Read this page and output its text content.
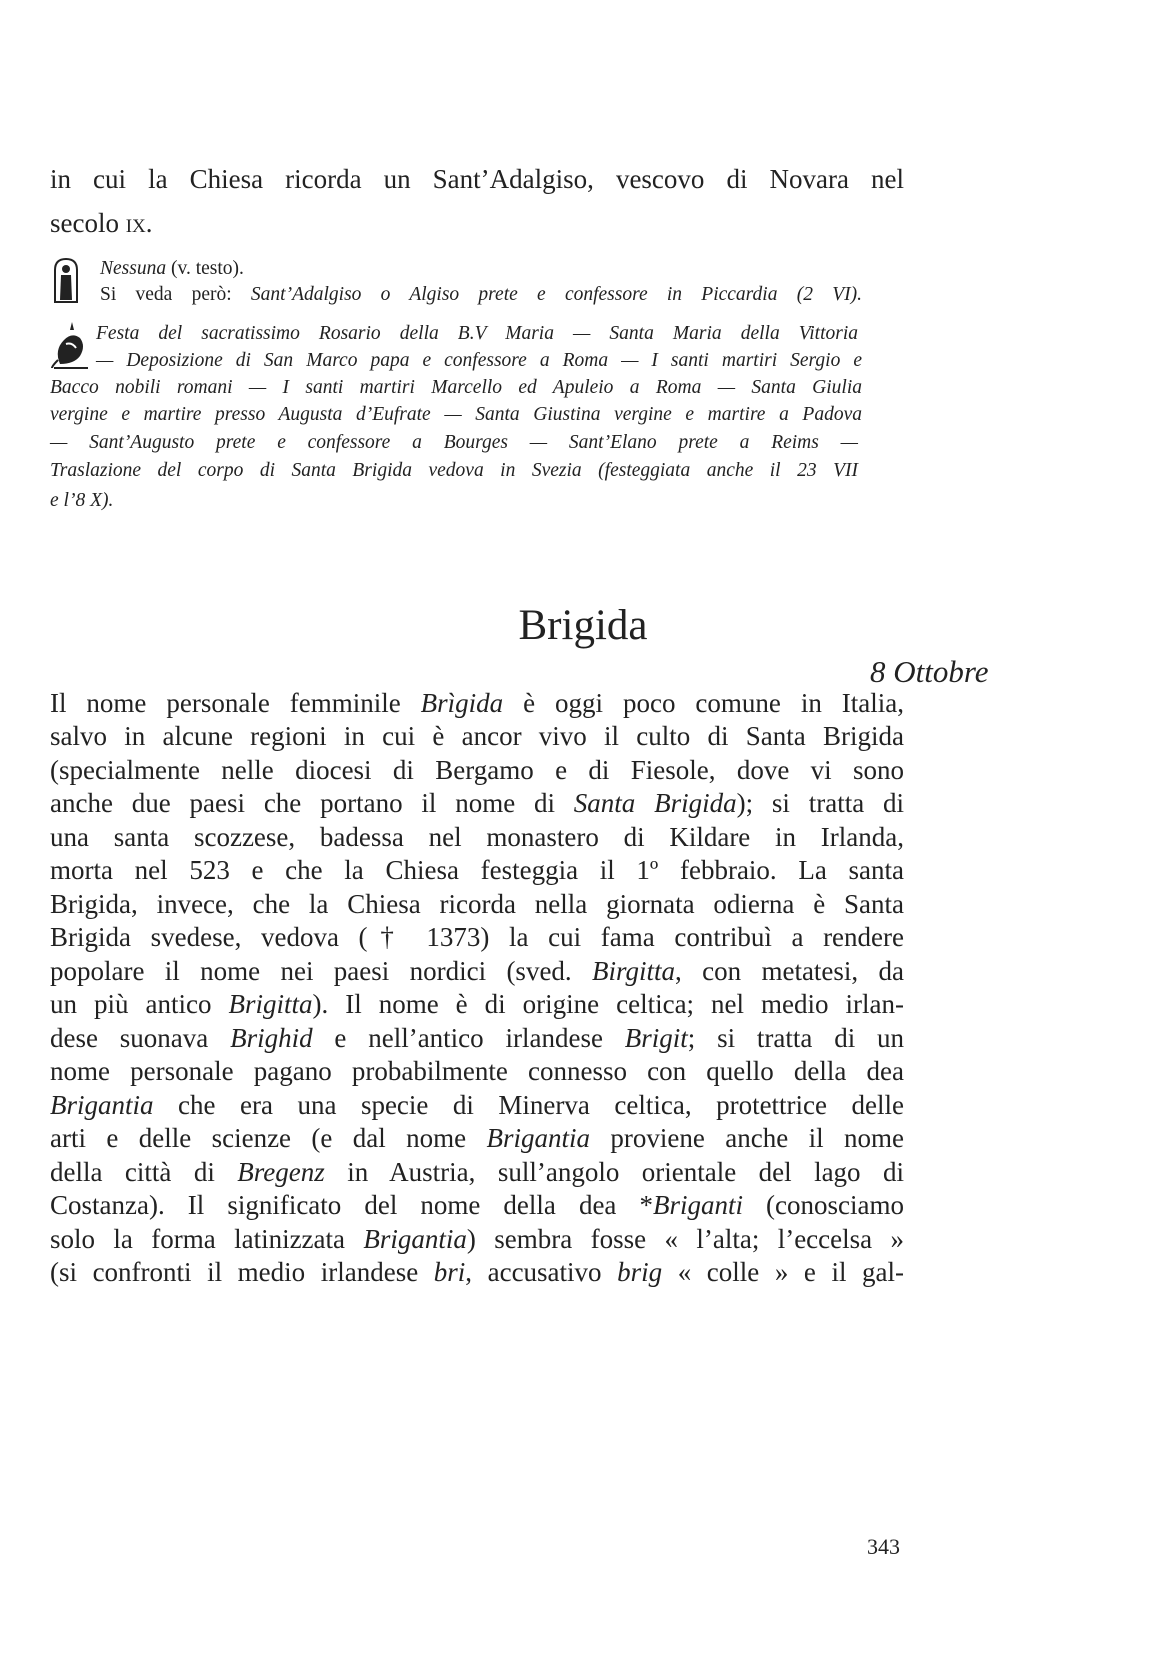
in cui la Chiesa ricorda un Sant’Adalgiso, vescovo di Novara nel
secolo ix.
Nessuna (v. testo).
Si veda però: Sant’Adalgiso o Algiso prete e confessore in Piccardia (2 VI).
Festa del sacratissimo Rosario della B.V Maria — Santa Maria della Vittoria
— Deposizione di San Marco papa e confessore a Roma — I santi martiri Sergio e
Bacco nobili romani — I santi martiri Marcello ed Apuleio a Roma — Santa Giulia
vergine e martire presso Augusta d’Eufrate — Santa Giustina vergine e martire a Padova
— Sant’Augusto prete e confessore a Bourges — Sant’Elano prete a Reims —
Traslazione del corpo di Santa Brigida vedova in Svezia (festeggiata anche il 23 VII
e l’8 X).
Brigida
8 Ottobre
Il nome personale femminile Brìgida è oggi poco comune in Italia,
salvo in alcune regioni in cui è ancor vivo il culto di Santa Brigida
(specialmente nelle diocesi di Bergamo e di Fiesole, dove vi sono
anche due paesi che portano il nome di Santa Brigida); si tratta di
una santa scozzese, badessa nel monastero di Kildare in Irlanda,
morta nel 523 e che la Chiesa festeggia il 1º febbraio. La santa
Brigida, invece, che la Chiesa ricorda nella giornata odierna è Santa
Brigida svedese, vedova († 1373) la cui fama contribuì a rendere
popolare il nome nei paesi nordici (sved. Birgitta, con metatesi, da
un più antico Brigitta). Il nome è di origine celtica; nel medio irlan-
dese suonava Brighid e nell’antico irlandese Brigit; si tratta di un
nome personale pagano probabilmente connesso con quello della dea
Brigantia che era una specie di Minerva celtica, protettrice delle
arti e delle scienze (e dal nome Brigantia proviene anche il nome
della città di Bregenz in Austria, sull’angolo orientale del lago di
Costanza). Il significato del nome della dea *Briganti (conosciamo
solo la forma latinizzata Brigantia) sembra fosse « l’alta; l’eccelsa »
(si confronti il medio irlandese bri, accusativo brig « colle » e il gal-
343
